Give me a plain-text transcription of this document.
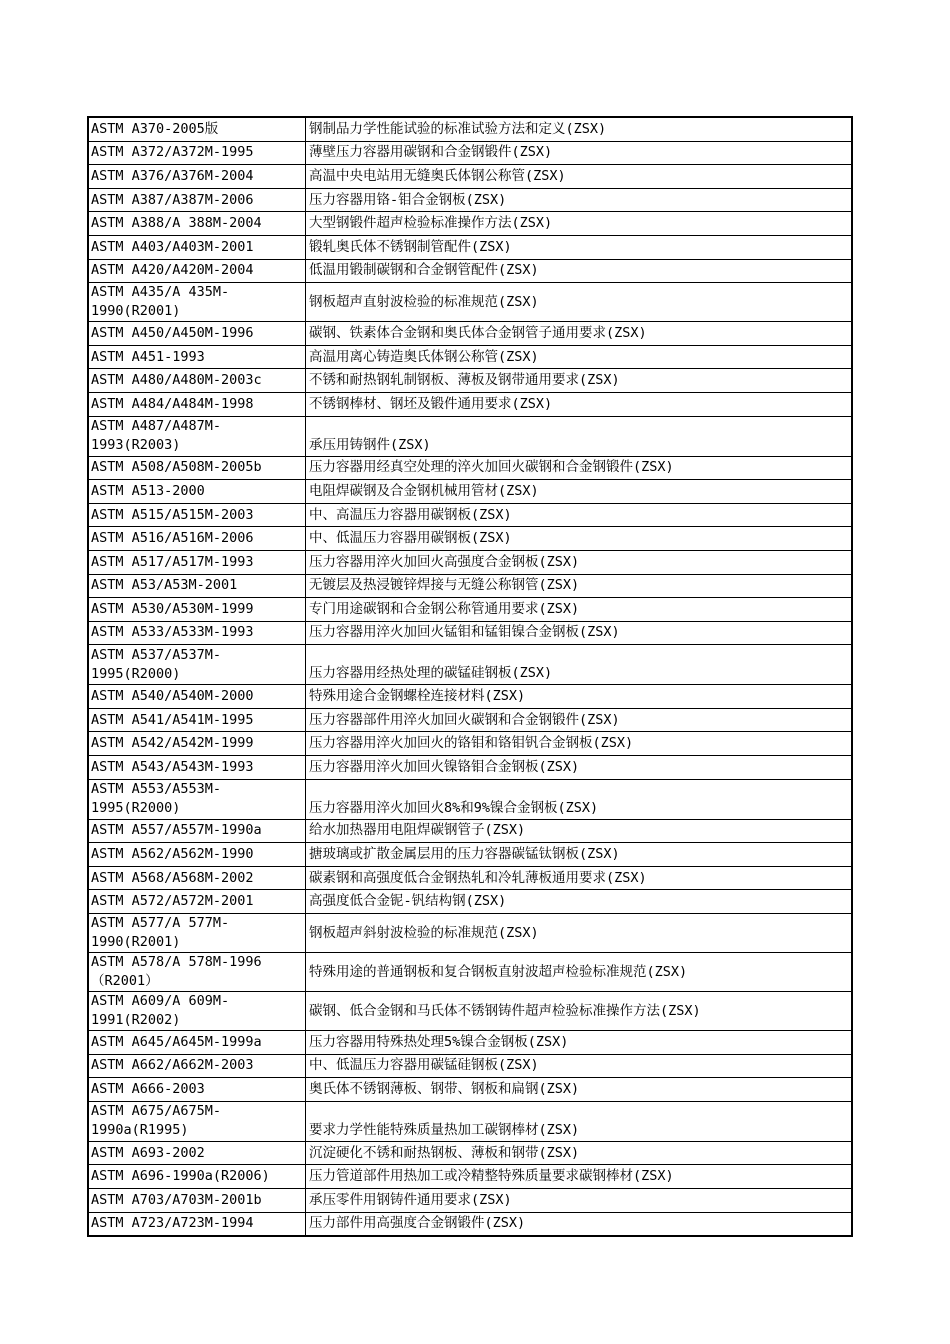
ASTM A370-2005版	钢制品力学性能试验的标准试验方法和定义(ZSX)
ASTM A372/A372M-1995	薄壁压力容器用碳钢和合金钢锻件(ZSX)
ASTM A376/A376M-2004	高温中央电站用无缝奥氏体钢公称管(ZSX)
ASTM A387/A387M-2006	压力容器用铬-钼合金钢板(ZSX)
ASTM A388/A 388M-2004	大型钢锻件超声检验标准操作方法(ZSX)
ASTM A403/A403M-2001	锻轧奥氏体不锈钢制管配件(ZSX)
ASTM A420/A420M-2004	低温用锻制碳钢和合金钢管配件(ZSX)
ASTM A435/A 435M-
1990(R2001)	钢板超声直射波检验的标准规范(ZSX)
ASTM A450/A450M-1996	碳钢、铁素体合金钢和奥氏体合金钢管子通用要求(ZSX)
ASTM A451-1993	高温用离心铸造奥氏体钢公称管(ZSX)
ASTM A480/A480M-2003c	不锈和耐热钢轧制钢板、薄板及钢带通用要求(ZSX)
ASTM A484/A484M-1998	不锈钢棒材、钢坯及锻件通用要求(ZSX)
ASTM A487/A487M-
1993(R2003)	承压用铸钢件(ZSX)
ASTM A508/A508M-2005b	压力容器用经真空处理的淬火加回火碳钢和合金钢锻件(ZSX)
ASTM A513-2000	电阻焊碳钢及合金钢机械用管材(ZSX)
ASTM A515/A515M-2003	中、高温压力容器用碳钢板(ZSX)
ASTM A516/A516M-2006	中、低温压力容器用碳钢板(ZSX)
ASTM A517/A517M-1993	压力容器用淬火加回火高强度合金钢板(ZSX)
ASTM A53/A53M-2001	无镀层及热浸镀锌焊接与无缝公称钢管(ZSX)
ASTM A530/A530M-1999	专门用途碳钢和合金钢公称管通用要求(ZSX)
ASTM A533/A533M-1993	压力容器用淬火加回火锰钼和锰钼镍合金钢板(ZSX)
ASTM A537/A537M-
1995(R2000)	压力容器用经热处理的碳锰硅钢板(ZSX)
ASTM A540/A540M-2000	特殊用途合金钢螺栓连接材料(ZSX)
ASTM A541/A541M-1995	压力容器部件用淬火加回火碳钢和合金钢锻件(ZSX)
ASTM A542/A542M-1999	压力容器用淬火加回火的铬钼和铬钼钒合金钢板(ZSX)
ASTM A543/A543M-1993	压力容器用淬火加回火镍铬钼合金钢板(ZSX)
ASTM A553/A553M-
1995(R2000)	压力容器用淬火加回火8%和9%镍合金钢板(ZSX)
ASTM A557/A557M-1990a	给水加热器用电阻焊碳钢管子(ZSX)
ASTM A562/A562M-1990	搪玻璃或扩散金属层用的压力容器碳锰钛钢板(ZSX)
ASTM A568/A568M-2002	碳素钢和高强度低合金钢热轧和冷轧薄板通用要求(ZSX)
ASTM A572/A572M-2001	高强度低合金铌-钒结构钢(ZSX)
ASTM A577/A 577M-
1990(R2001)	钢板超声斜射波检验的标准规范(ZSX)
ASTM A578/A 578M-1996
（R2001）	特殊用途的普通钢板和复合钢板直射波超声检验标准规范(ZSX)
ASTM A609/A 609M-
1991(R2002)	碳钢、低合金钢和马氏体不锈钢铸件超声检验标准操作方法(ZSX)
ASTM A645/A645M-1999a	压力容器用特殊热处理5%镍合金钢板(ZSX)
ASTM A662/A662M-2003	中、低温压力容器用碳锰硅钢板(ZSX)
ASTM A666-2003	奥氏体不锈钢薄板、钢带、钢板和扁钢(ZSX)
ASTM A675/A675M-
1990a(R1995)	要求力学性能特殊质量热加工碳钢棒材(ZSX)
ASTM A693-2002	沉淀硬化不锈和耐热钢板、薄板和钢带(ZSX)
ASTM A696-1990a(R2006)	压力管道部件用热加工或冷精整特殊质量要求碳钢棒材(ZSX)
ASTM A703/A703M-2001b	承压零件用钢铸件通用要求(ZSX)
ASTM A723/A723M-1994	压力部件用高强度合金钢锻件(ZSX)
